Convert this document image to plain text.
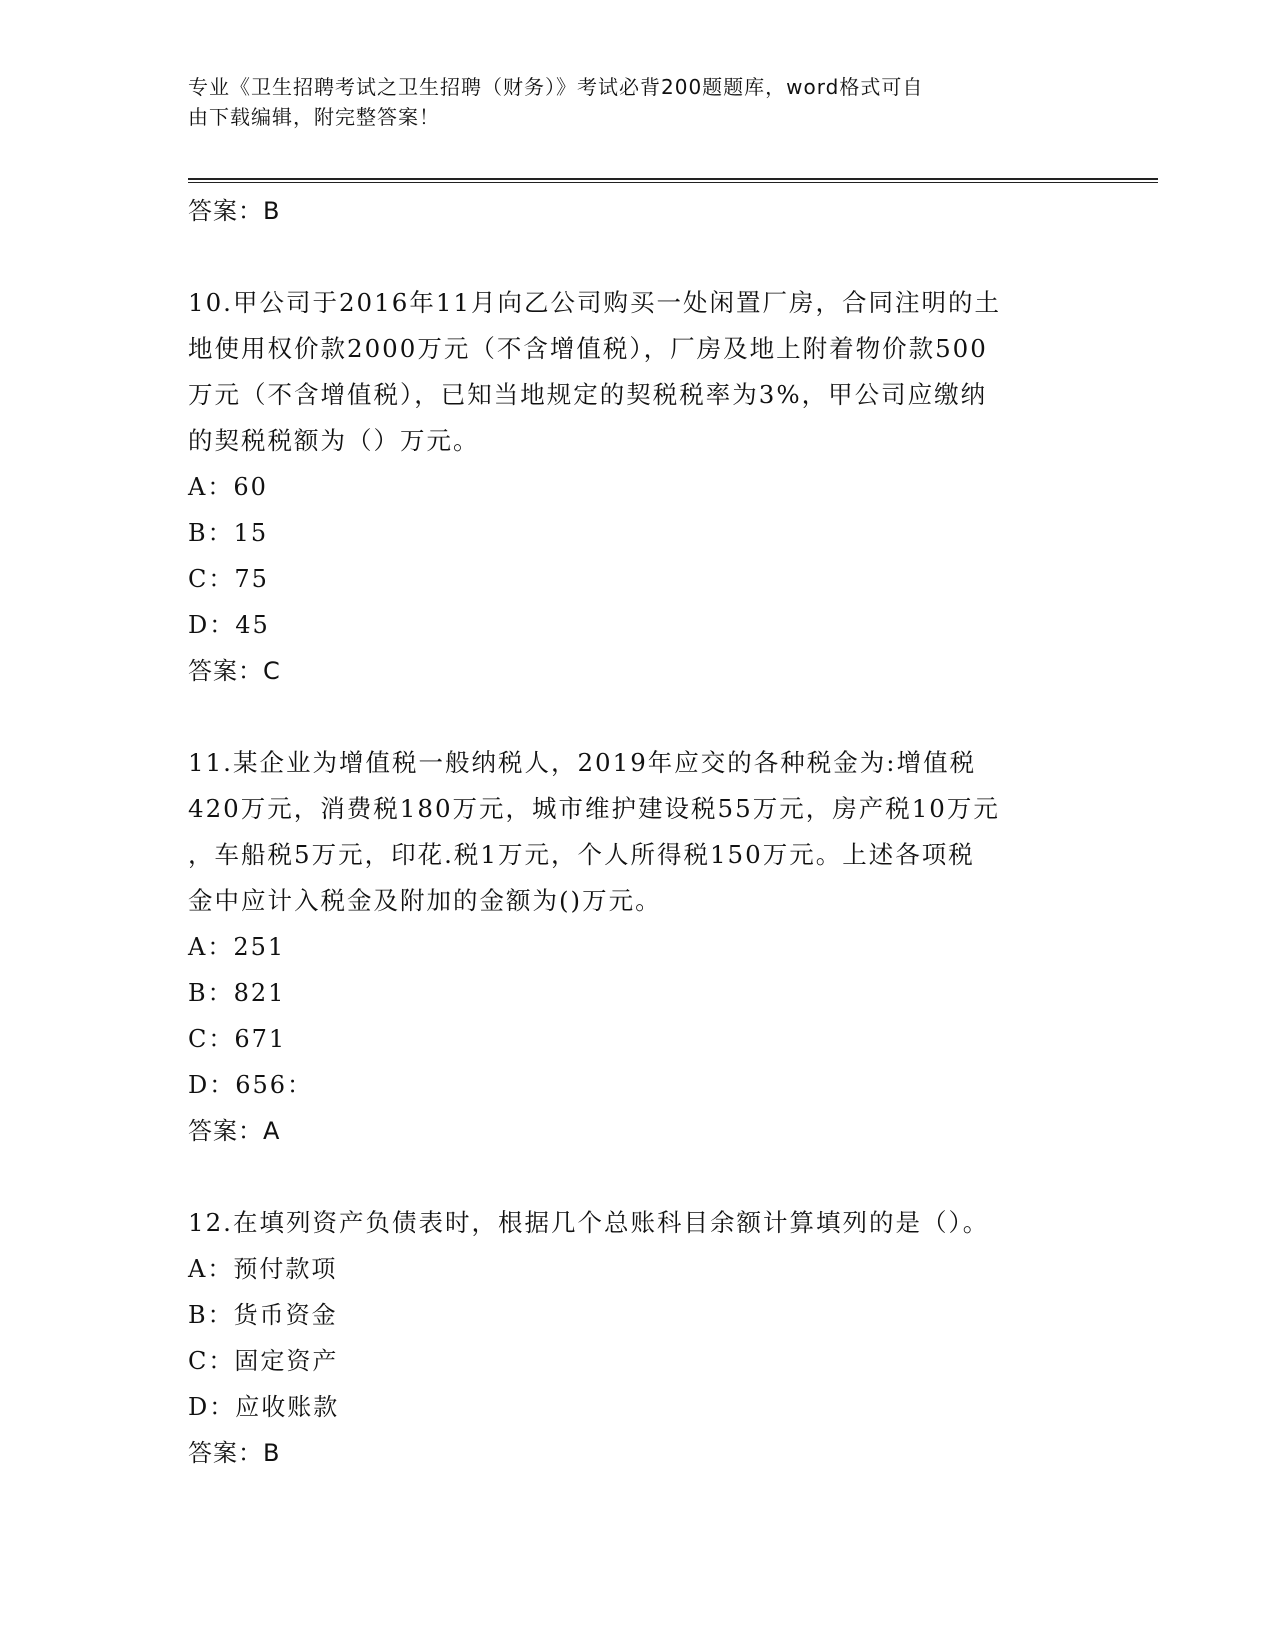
专业《卫生招聘考试之卫生招聘（财务）》考试必背200题题库，word格式可自
由下载编辑，附完整答案！
答案：B
10.甲公司于2016年11月向乙公司购买一处闲置厂房，合同注明的土
地使用权价款2000万元（不含增值税），厂房及地上附着物价款500
万元（不含增值税），已知当地规定的契税税率为3%，甲公司应缴纳
的契税税额为（）万元。
A：60
B：15
C：75
D：45
答案：C
11.某企业为增值税一般纳税人，2019年应交的各种税金为:增值税
420万元，消费税180万元，城市维护建设税55万元，房产税10万元
，车船税5万元，印花.税1万元，个人所得税150万元。上述各项税
金中应计入税金及附加的金额为()万元。
A：251
B：821
C：671
D：656：
答案：A
12.在填列资产负债表时，根据几个总账科目余额计算填列的是（）。
A：预付款项
B：货币资金
C：固定资产
D：应收账款
答案：B
